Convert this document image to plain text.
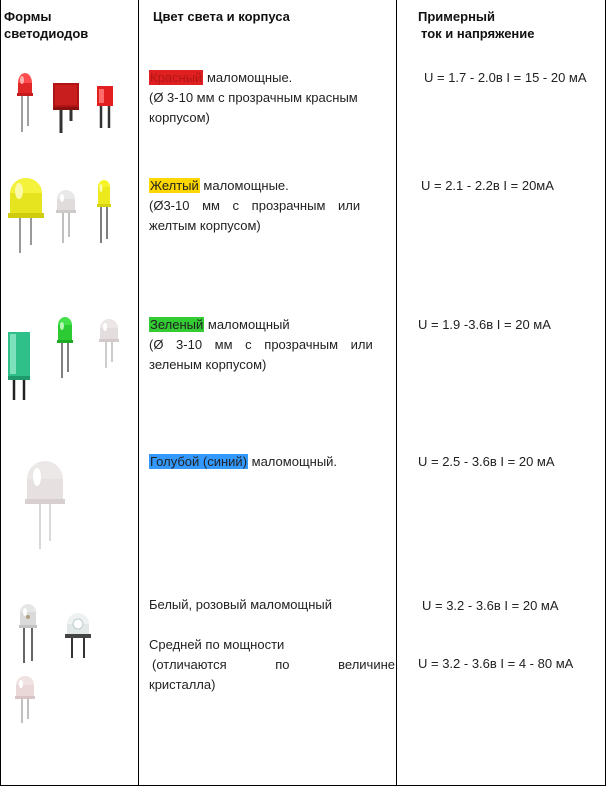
Формы
светодиодов
Цвет света и корпуса	Примерный
ток и напряжение
Красный маломощные.
(Ø 3-10 мм с прозрачным красным
корпусом)
U = 1.7 - 2.0в I = 15 - 20 мА
Желтый маломощные.
(Ø3-10 мм с прозрачным или
желтым корпусом)
U = 2.1 - 2.2в I = 20мА
Зеленый маломощный
(Ø 3-10 мм с прозрачным или
зеленым корпусом)
U = 1.9 -3.6в I = 20 мА
Голубой (синий) маломощный.	U = 2.5 - 3.6в I = 20 мА
Белый, розовый маломощный	U = 3.2 - 3.6в I = 20 мА
Средней по мощности
(отличаются	по	величине
кристалла)
U = 3.2 - 3.6в I = 4 - 80 мА
